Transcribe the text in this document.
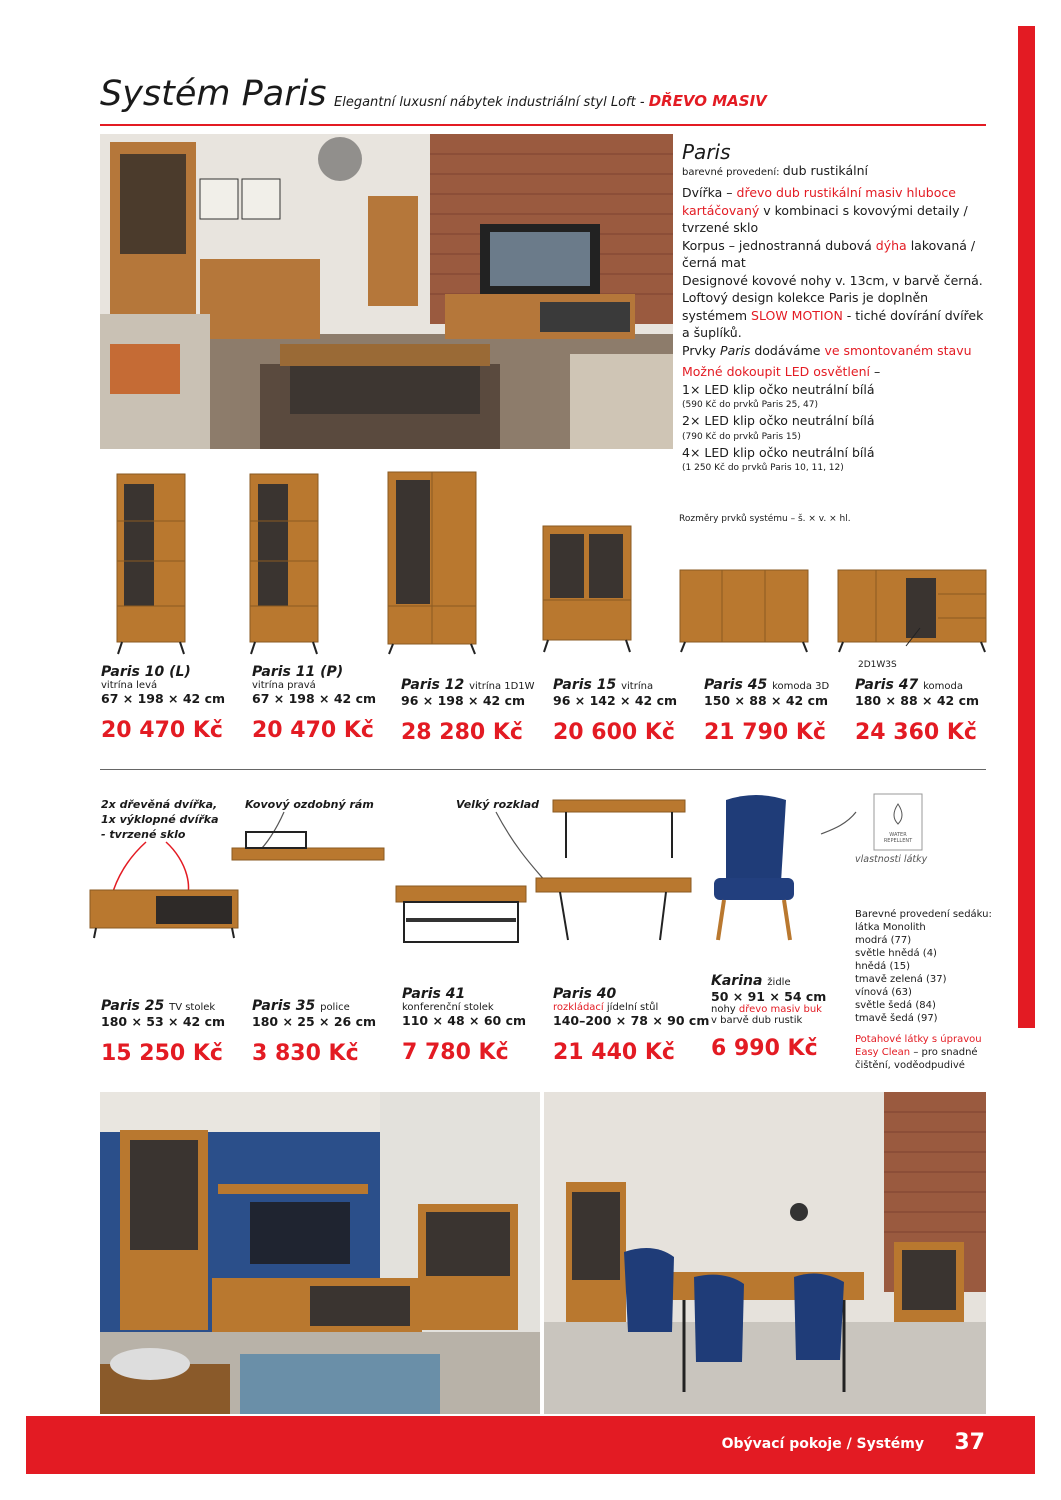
Systém Paris Elegantní luxusní nábytek industriální styl Loft - DŘEVO MASIV

Paris

barevné provedení: dub rustikální

Dvířka – dřevo dub rustikální masiv hluboce kartáčovaný v kombinaci s kovovými detaily / tvrzené sklo

Korpus – jednostranná dubová dýha lakovaná / černá mat

Designové kovové nohy v. 13cm, v barvě černá.

Loftový design kolekce Paris je doplněn systémem SLOW MOTION - tiché dovírání dvířek a šuplíků.

Prvky Paris dodáváme ve smontovaném stavu

Možné dokoupit LED osvětlení –

1× LED klip očko neutrální bílá

(590 Kč do prvků Paris 25, 47)

2× LED klip očko neutrální bílá

(790 Kč do prvků Paris 15)

4× LED klip očko neutrální bílá

(1 250 Kč do prvků Paris 10, 11, 12)

Rozměry prvků systému – š. × v. × hl.
Paris 10 (L)
vitrína levá
67 × 198 × 42 cm
20 470 Kč
Paris 11 (P)
vitrína pravá
67 × 198 × 42 cm
20 470 Kč
Paris 12 vitrína 1D1W
96 × 198 × 42 cm
28 280 Kč
Paris 15 vitrína
96 × 142 × 42 cm
20 600 Kč
Paris 45 komoda 3D
150 × 88 × 42 cm
21 790 Kč
2D1W3S
Paris 47 komoda
180 × 88 × 42 cm
24 360 Kč
2x dřevěná dvířka, 1x výklopné dvířka - tvrzené sklo
Kovový ozdobný rám	Velký rozklad
vlastnosti látky
WATER REPELLENT
Paris 25 TV stolek
180 × 53 × 42 cm
15 250 Kč
Paris 35 police
180 × 25 × 26 cm
3 830 Kč
Paris 41
konferenční stolek
110 × 48 × 60 cm
7 780 Kč
Paris 40
rozkládací jídelní stůl
140–200 × 78 × 90 cm
21 440 Kč
Karina židle
50 × 91 × 54 cm
nohy dřevo masiv buk
v barvě dub rustik
6 990 Kč
Barevné provedení sedáku:
látka Monolith
modrá (77)
světle hnědá (4)
hnědá (15)
tmavě zelená (37)
vínová (63)
světle šedá (84)
tmavě šedá (97)
Potahové látky s úpravou Easy Clean – pro snadné čištění, voděodpudivé
Obývací pokoje / Systémy 37
